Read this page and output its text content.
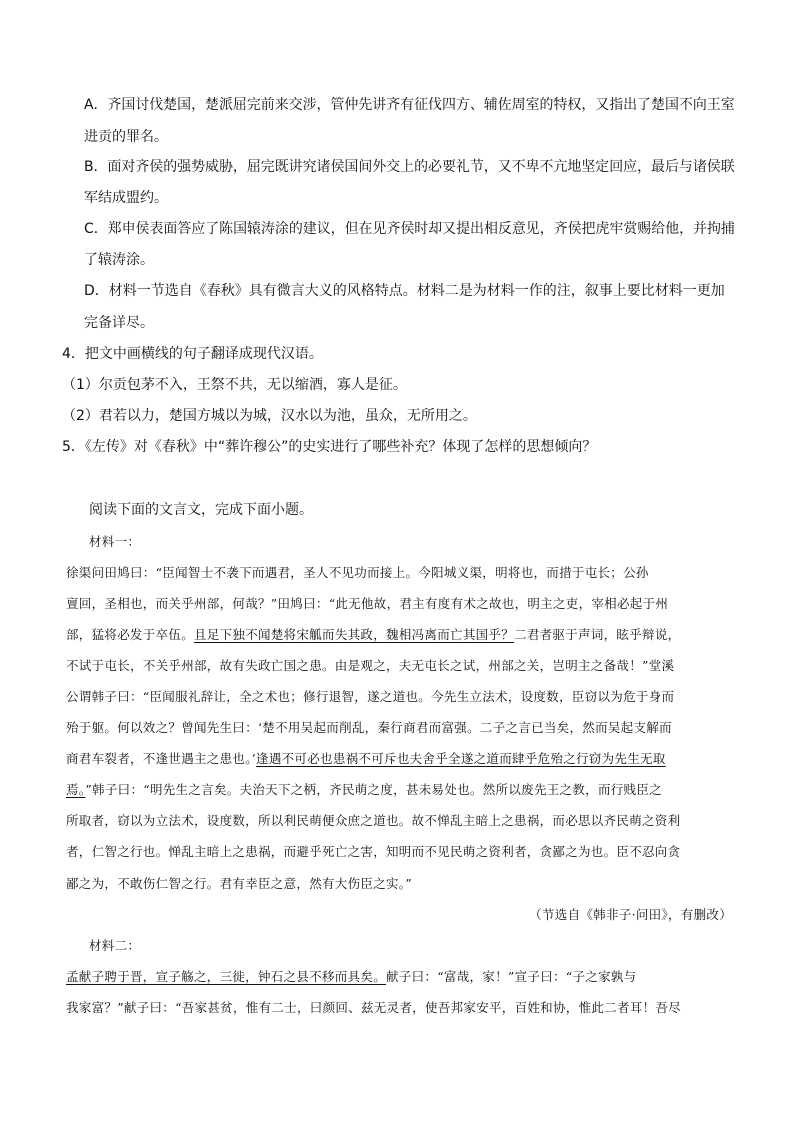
A．齐国讨伐楚国，楚派屈完前来交涉，管仲先讲齐有征伐四方、辅佐周室的特权，又指出了楚国不向王室
进贡的罪名。
B．面对齐侯的强势威胁，屈完既讲究诸侯国间外交上的必要礼节，又不卑不亢地坚定回应，最后与诸侯联
军结成盟约。
C．郑申侯表面答应了陈国辕涛涂的建议，但在见齐侯时却又提出相反意见，齐侯把虎牢赏赐给他，并拘捕
了辕涛涂。
D．材料一节选自《春秋》具有微言大义的风格特点。材料二是为材料一作的注，叙事上要比材料一更加
完备详尽。
4．把文中画横线的句子翻译成现代汉语。
（1）尔贡包茅不入，王祭不共，无以缩酒，寡人是征。
（2）君若以力，楚国方城以为城，汉水以为池，虽众，无所用之。
5．《左传》对《春秋》中“葬许穆公”的史实进行了哪些补充？体现了怎样的思想倾向？
阅读下面的文言文，完成下面小题。
材料一：
徐渠问田鸠曰：“臣闻智士不袭下而遇君，圣人不见功而接上。今阳城义渠，明将也，而措于屯长；公孙
亶回，圣相也，而关乎州部，何哉？”田鸠曰：“此无他故，君主有度有术之故也，明主之吏，宰相必起于州
部，猛将必发于卒伍。且足下独不闻楚将宋觚而失其政，魏相冯离而亡其国乎？二君者驱于声词，眩乎辩说，
不试于屯长，不关乎州部，故有失政亡国之患。由是观之，夫无屯长之试，州部之关，岂明主之备哉！”堂溪
公谓韩子曰：“臣闻服礼辞让，全之术也；修行退智，遂之道也。今先生立法术，设度数，臣窃以为危于身而
殆于躯。何以效之？曾闻先生曰：‘楚不用吴起而削乱，秦行商君而富强。二子之言已当矣，然而吴起支解而
商君车裂者，不逢世遇主之患也。’逢遇不可必也患祸不可斥也夫舍乎全遂之道而肆乎危殆之行窃为先生无取
焉。”韩子曰：“明先生之言矣。夫治天下之柄，齐民萌之度，甚未易处也。然所以废先王之教，而行贱臣之
所取者，窃以为立法术，设度数，所以利民萌便众庶之道也。故不惮乱主暗上之患祸，而必思以齐民萌之资利
者，仁智之行也。惮乱主暗上之患祸，而避乎死亡之害，知明而不见民萌之资利者，贪鄙之为也。臣不忍向贪
鄙之为，不敢伤仁智之行。君有幸臣之意，然有大伤臣之实。”
（节选自《韩非子·问田》，有删改）
材料二：
孟献子聘于晋，宣子觞之，三徙，钟石之县不移而具矣。献子曰：“富哉，家！”宣子曰：“子之家孰与
我家富？”献子曰：“吾家甚贫，惟有二士，曰颜回、兹无灵者，使吾邦家安平，百姓和协，惟此二者耳！吾尽
